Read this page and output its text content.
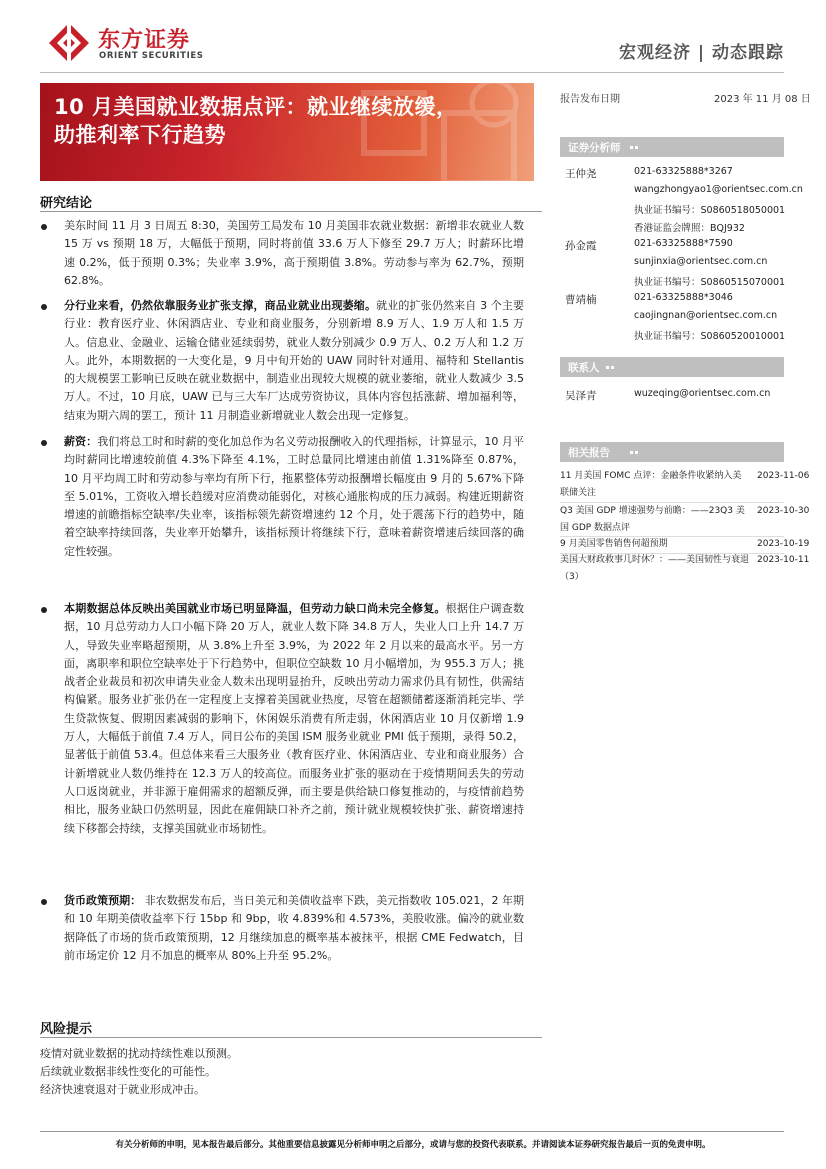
东方证券
ORIENT SECURITIES	宏观经济 | 动态跟踪
10 月美国就业数据点评：就业继续放缓，
助推利率下行趋势
报告发布日期	2023 年 11 月 08 日
证券分析师
王仲尧	021-63325888*3267
wangzhongyao1@orientsec.com.cn
执业证书编号：S0860518050001
香港证监会牌照：BQJ932
孙金霞	021-63325888*7590
sunjinxia@orientsec.com.cn
执业证书编号：S0860515070001
曹靖楠	021-63325888*3046
caojingnan@orientsec.com.cn
执业证书编号：S0860520010001
联系人
吴泽青	wuzeqing@orientsec.com.cn
相关报告
11 月美国 FOMC 点评：金融条件收紧纳入美联储关注
2023-11-06
Q3 美国 GDP 增速强势与前瞻：——23Q3 美国 GDP 数据点评
2023-10-30
9 月美国零售销售何超预期	2023-10-19
美国大财政救事几时休？：——美国韧性与衰退（3）
2023-10-11
研究结论
美东时间 11 月 3 日周五 8:30，美国劳工局发布 10 月美国非农就业数据：新增非农就业人数 15 万 vs 预期 18 万，大幅低于预期，同时将前值 33.6 万人下修至 29.7 万人；时薪环比增速 0.2%，低于预期 0.3%；失业率 3.9%，高于预期值 3.8%。劳动参与率为 62.7%，预期 62.8%。
分行业来看，仍然依靠服务业扩张支撑，商品业就业出现萎缩。就业的扩张仍然来自 3 个主要行业：教育医疗业、休闲酒店业、专业和商业服务，分别新增 8.9 万人、1.9 万人和 1.5 万人。信息业、金融业、运输仓储业延续弱势，就业人数分别减少 0.9 万人、0.2 万人和 1.2 万人。此外，本期数据的一大变化是，9 月中旬开始的 UAW 同时针对通用、福特和 Stellantis 的大规模罢工影响已反映在就业数据中，制造业出现较大规模的就业萎缩，就业人数减少 3.5 万人。不过，10 月底，UAW 已与三大车厂达成劳资协议，具体内容包括涨薪、增加福利等，结束为期六周的罢工，预计 11 月制造业新增就业人数会出现一定修复。
薪资：我们将总工时和时薪的变化加总作为名义劳动报酬收入的代理指标，计算显示，10 月平均时薪同比增速较前值 4.3%下降至 4.1%，工时总量同比增速由前值 1.31%降至 0.87%，10 月平均周工时和劳动参与率均有所下行，拖累整体劳动报酬增长幅度由 9 月的 5.67%下降至 5.01%，工资收入增长趋缓对应消费动能弱化，对核心通胀构成的压力减弱。构建近期薪资增速的前瞻指标空缺率/失业率，该指标领先薪资增速约 12 个月，处于震荡下行的趋势中，随着空缺率持续回落，失业率开始攀升，该指标预计将继续下行，意味着薪资增速后续回落的确定性较强。
本期数据总体反映出美国就业市场已明显降温，但劳动力缺口尚未完全修复。根据住户调查数据，10 月总劳动力人口小幅下降 20 万人，就业人数下降 34.8 万人，失业人口上升 14.7 万人，导致失业率略超预期，从 3.8%上升至 3.9%，为 2022 年 2 月以来的最高水平。另一方面，离职率和职位空缺率处于下行趋势中，但职位空缺数 10 月小幅增加，为 955.3 万人；挑战者企业裁员和初次申请失业金人数未出现明显抬升，反映出劳动力需求仍具有韧性，供需结构偏紧。服务业扩张仍在一定程度上支撑着美国就业热度，尽管在超额储蓄逐渐消耗完毕、学生贷款恢复、假期因素减弱的影响下，休闲娱乐消费有所走弱，休闲酒店业 10 月仅新增 1.9 万人，大幅低于前值 7.4 万人，同日公布的美国 ISM 服务业就业 PMI 低于预期，录得 50.2，显著低于前值 53.4。但总体来看三大服务业（教育医疗业、休闲酒店业、专业和商业服务）合计新增就业人数仍维持在 12.3 万人的较高位。而服务业扩张的驱动在于疫情期间丢失的劳动人口返岗就业，并非源于雇佣需求的超额反弹，而主要是供给缺口修复推动的，与疫情前趋势相比，服务业缺口仍然明显，因此在雇佣缺口补齐之前，预计就业规模较快扩张、薪资增速持续下移都会持续，支撑美国就业市场韧性。
货币政策预期： 非农数据发布后，当日美元和美债收益率下跌，美元指数收 105.021，2 年期和 10 年期美债收益率下行 15bp 和 9bp，收 4.839%和 4.573%，美股收涨。偏冷的就业数据降低了市场的货币政策预期，12 月继续加息的概率基本被抹平，根据 CME Fedwatch，目前市场定价 12 月不加息的概率从 80%上升至 95.2%。
风险提示
疫情对就业数据的扰动持续性难以预测。
后续就业数据非线性变化的可能性。
经济快速衰退对于就业形成冲击。
有关分析师的申明，见本报告最后部分。其他重要信息披露见分析师申明之后部分，或请与您的投资代表联系。并请阅读本证券研究报告最后一页的免责申明。
